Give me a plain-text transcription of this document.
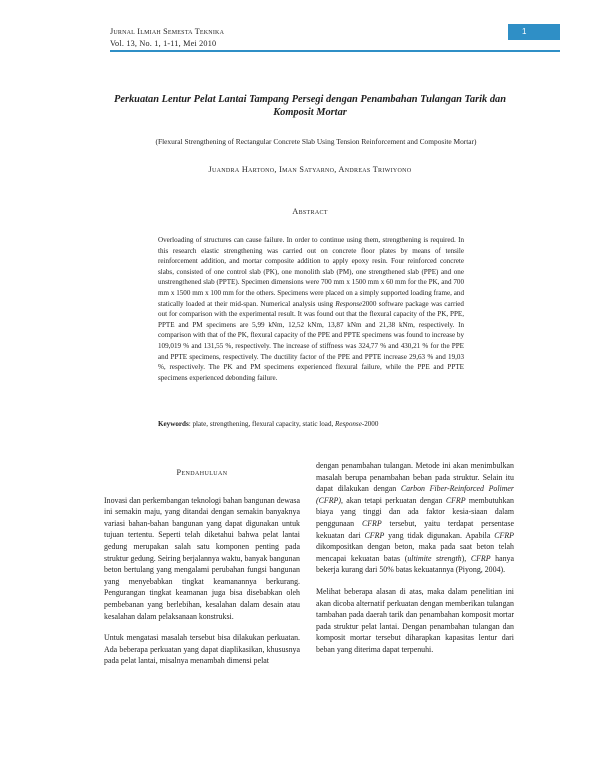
Jurnal Ilmiah Semesta Teknika
Vol. 13, No. 1, 1-11, Mei 2010
1
Perkuatan Lentur Pelat Lantai Tampang Persegi dengan Penambahan Tulangan Tarik dan Komposit Mortar
(Flexural Strengthening of Rectangular Concrete Slab Using Tension Reinforcement and Composite Mortar)
Juandra Hartono, Iman Satyarno, Andreas Triwiyono
Abstract
Overloading of structures can cause failure. In order to continue using them, strengthening is required. In this research elastic strengthening was carried out on concrete floor plates by means of tensile reinforcement addition, and mortar composite addition to apply epoxy resin. Four reinforced concrete slabs, consisted of one control slab (PK), one monolith slab (PM), one strengthened slab (PPE) and one unstrengthened slab (PPTE). Specimen dimensions were 700 mm x 1500 mm x 60 mm for the PK, and 700 mm x 1500 mm x 100 mm for the others. Specimens were placed on a simply supported loading frame, and statically loaded at their mid-span. Numerical analysis using Response2000 software package was carried out for comparison with the experimental result. It was found out that the flexural capacity of the PK, PPE, PPTE and PM specimens are 5,99 kNm, 12,52 kNm, 13,87 kNm and 21,38 kNm, respectively. In comparison with that of the PK, flexural capacity of the PPE and PPTE specimens was found to increase by 109,019 % and 131,55 %, respectively. The increase of stiffness was 324,77 % and 430,21 % for the PPE and PPTE specimens, respectively. The ductility factor of the PPE and PPTE increase 29,63 % and 19,03 %, respectively. The PK and PM specimens experienced flexural failure, while the PPE and PPTE specimens experienced debonding failure.
Keywords: plate, strengthening, flexural capacity, static load, Response-2000

Pendahuluan

Inovasi dan perkembangan teknologi bahan bangunan dewasa ini semakin maju, yang ditandai dengan semakin banyaknya variasi bahan-bahan bangunan yang dapat digunakan untuk tujuan tertentu. Seperti telah diketahui bahwa pelat lantai gedung merupakan salah satu komponen penting pada struktur gedung. Seiring berjalannya waktu, banyak bangunan beton bertulang yang mengalami perubahan fungsi bangunan yang menyebabkan tingkat keamanannya berkurang. Pengurangan tingkat keamanan juga bisa disebabkan oleh pembebanan yang berlebihan, kesalahan dalam desain atau kesalahan dalam pelaksanaan konstruksi.

Untuk mengatasi masalah tersebut bisa dilakukan perkuatan. Ada beberapa perkuatan yang dapat diaplikasikan, khususnya pada pelat lantai, misalnya menambah dimensi pelat

dengan penambahan tulangan. Metode ini akan menimbulkan masalah berupa penambahan beban pada struktur. Selain itu dapat dilakukan dengan Carbon Fiber-Reinforced Polimer (CFRP), akan tetapi perkuatan dengan CFRP membutuhkan biaya yang tinggi dan ada faktor kesia-siaan dalam penggunaan CFRP tersebut, yaitu terdapat persentase kekuatan dari CFRP yang tidak digunakan. Apabila CFRP dikompositkan dengan beton, maka pada saat beton telah mencapai kekuatan batas (ultimite strength), CFRP hanya bekerja kurang dari 50% batas kekuatannya (Piyong, 2004).

Melihat beberapa alasan di atas, maka dalam penelitian ini akan dicoba alternatif perkuatan dengan memberikan tulangan tambahan pada daerah tarik dan penambahan komposit mortar pada struktur pelat lantai. Dengan penambahan tulangan dan komposit mortar tersebut diharapkan kapasitas lentur dari beban yang diterima dapat terpenuhi.
